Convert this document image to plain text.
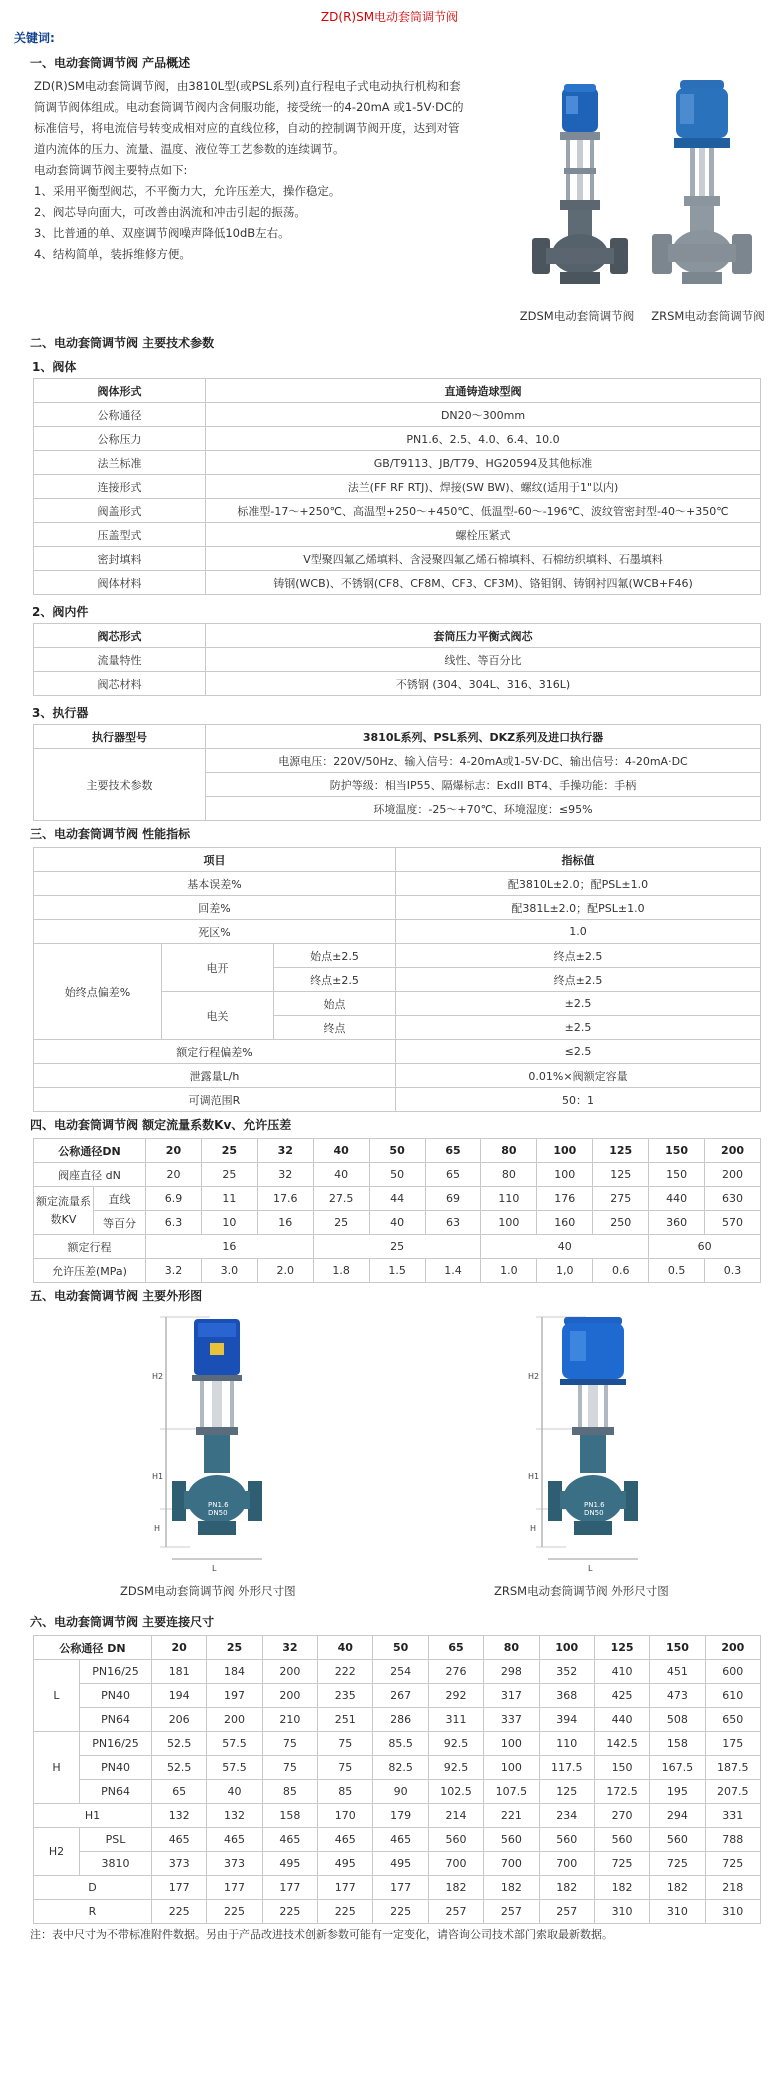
ZD(R)SM电动套筒调节阀
关键词:
一、电动套筒调节阀 产品概述

ZD(R)SM电动套筒调节阀，由3810L型(或PSL系列)直行程电子式电动执行机构和套

筒调节阀体组成。电动套筒调节阀内含伺服功能，接受统一的4-20mA 或1-5V·DC的

标准信号，将电流信号转变成相对应的直线位移，自动的控制调节阀开度，达到对管

道内流体的压力、流量、温度、液位等工艺参数的连续调节。

电动套筒调节阀主要特点如下:

1、采用平衡型阀芯，不平衡力大，允许压差大，操作稳定。

2、阀芯导向面大，可改善由涡流和冲击引起的振荡。

3、比普通的单、双座调节阀噪声降低10dB左右。

4、结构简单，装拆维修方便。

ZDSM电动套筒调节阀	ZRSM电动套筒调节阀
二、电动套筒调节阀 主要技术参数
1、阀体
阀体形式	直通铸造球型阀
公称通径	DN20～300mm
公称压力	PN1.6、2.5、4.0、6.4、10.0
法兰标准	GB/T9113、JB/T79、HG20594及其他标准
连接形式	法兰(FF RF RTJ)、焊接(SW BW)、螺纹(适用于1"以内)
阀盖形式	标准型-17～+250℃、高温型+250～+450℃、低温型-60～-196℃、波纹管密封型-40～+350℃
压盖型式	螺栓压紧式
密封填料	V型聚四氟乙烯填料、含浸聚四氟乙烯石棉填料、石棉纺织填料、石墨填料
阀体材料	铸钢(WCB)、不锈钢(CF8、CF8M、CF3、CF3M)、铬钼钢、铸钢衬四氟(WCB+F46)
2、阀内件
阀芯形式	套筒压力平衡式阀芯
流量特性	线性、等百分比
阀芯材料	不锈钢 (304、304L、316、316L)
3、执行器
执行器型号	3810L系列、PSL系列、DKZ系列及进口执行器
主要技术参数	电源电压：220V/50Hz、输入信号：4-20mA或1-5V·DC、输出信号：4-20mA·DC
	防护等级：相当IP55、隔爆标志：ExdII BT4、手操功能：手柄
	环境温度：-25～+70℃、环境湿度：≤95%
三、电动套筒调节阀 性能指标
项目			指标值
基本误差%			配3810L±2.0；配PSL±1.0
回差%			配381L±2.0；配PSL±1.0
死区%			1.0
始终点偏差%	电开	始点±2.5	终点±2.5
		终点±2.5	终点±2.5
	电关	始点	±2.5
		终点	±2.5
额定行程偏差%			≤2.5
泄露量L/h			0.01%×阀额定容量
可调范围R			50：1
四、电动套筒调节阀 额定流量系数Kv、允许压差
公称通径DN		20	25	32	40	50	65	80	100	125	150	200
阀座直径 dN		20	25	32	40	50	65	80	100	125	150	200
额定流量系数KV	直线	6.9	11	17.6	27.5	44	69	110	176	275	440	630
	等百分	6.3	10	16	25	40	63	100	160	250	360	570
额定行程		16			25			40			60	
允许压差(MPa)		3.2	3.0	2.0	1.8	1.5	1.4	1.0	1,0	0.6	0.5	0.3
五、电动套筒调节阀 主要外形图
H2
H1
H
PN1.6
DN50
L
H2
H1
H
PN1.6
DN50
L
ZDSM电动套筒调节阀 外形尺寸图	ZRSM电动套筒调节阀 外形尺寸图
六、电动套筒调节阀 主要连接尺寸
公称通径 DN		20	25	32	40	50	65	80	100	125	150	200
L	PN16/25	181	184	200	222	254	276	298	352	410	451	600
	PN40	194	197	200	235	267	292	317	368	425	473	610
	PN64	206	200	210	251	286	311	337	394	440	508	650
H	PN16/25	52.5	57.5	75	75	85.5	92.5	100	110	142.5	158	175
	PN40	52.5	57.5	75	75	82.5	92.5	100	117.5	150	167.5	187.5
	PN64	65	40	85	85	90	102.5	107.5	125	172.5	195	207.5
H1		132	132	158	170	179	214	221	234	270	294	331
H2	PSL	465	465	465	465	465	560	560	560	560	560	788
	3810	373	373	495	495	495	700	700	700	725	725	725
D		177	177	177	177	177	182	182	182	182	182	218
R		225	225	225	225	225	257	257	257	310	310	310
注：表中尺寸为不带标准附件数据。另由于产品改进技术创新参数可能有一定变化，请咨询公司技术部门索取最新数据。
